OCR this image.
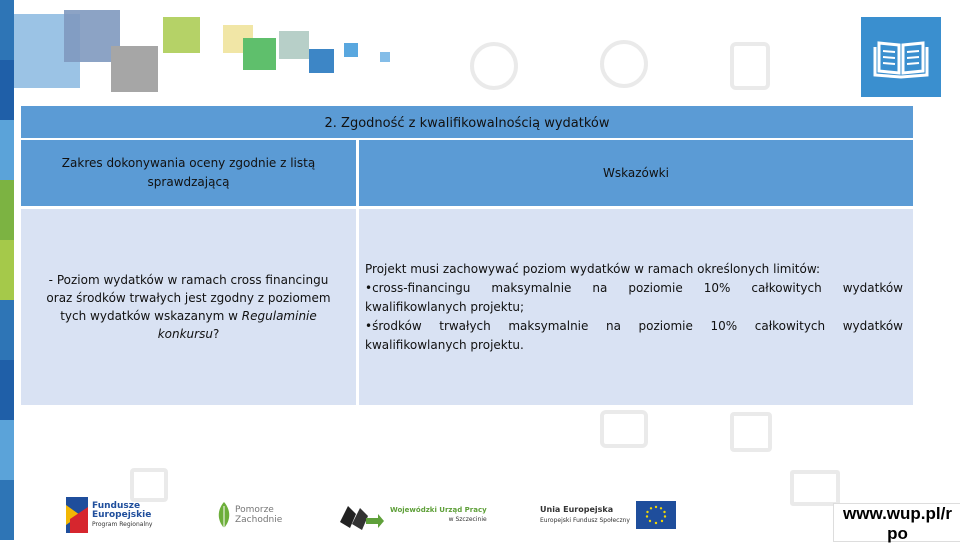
2. Zgodność z kwalifikowalnością wydatków
Zakres dokonywania oceny zgodnie z listą sprawdzającą
Wskazówki
- Poziom wydatków w ramach cross financingu oraz środków trwałych jest zgodny z poziomem tych wydatków wskazanym w Regulaminie konkursu?

Projekt musi zachowywać poziom wydatków w ramach określonych limitów:

•cross-financingu maksymalnie na poziomie 10% całkowitych wydatków kwalifikowlanych projektu;

•środków trwałych maksymalnie na poziomie 10% całkowitych wydatków kwalifikowlanych projektu.

Fundusze
Europejskie
Program Regionalny
Pomorze
Zachodnie
Wojewódzki Urząd Pracy
w Szczecinie
Unia Europejska
Europejski Fundusz Społeczny	www.wup.pl/r po
